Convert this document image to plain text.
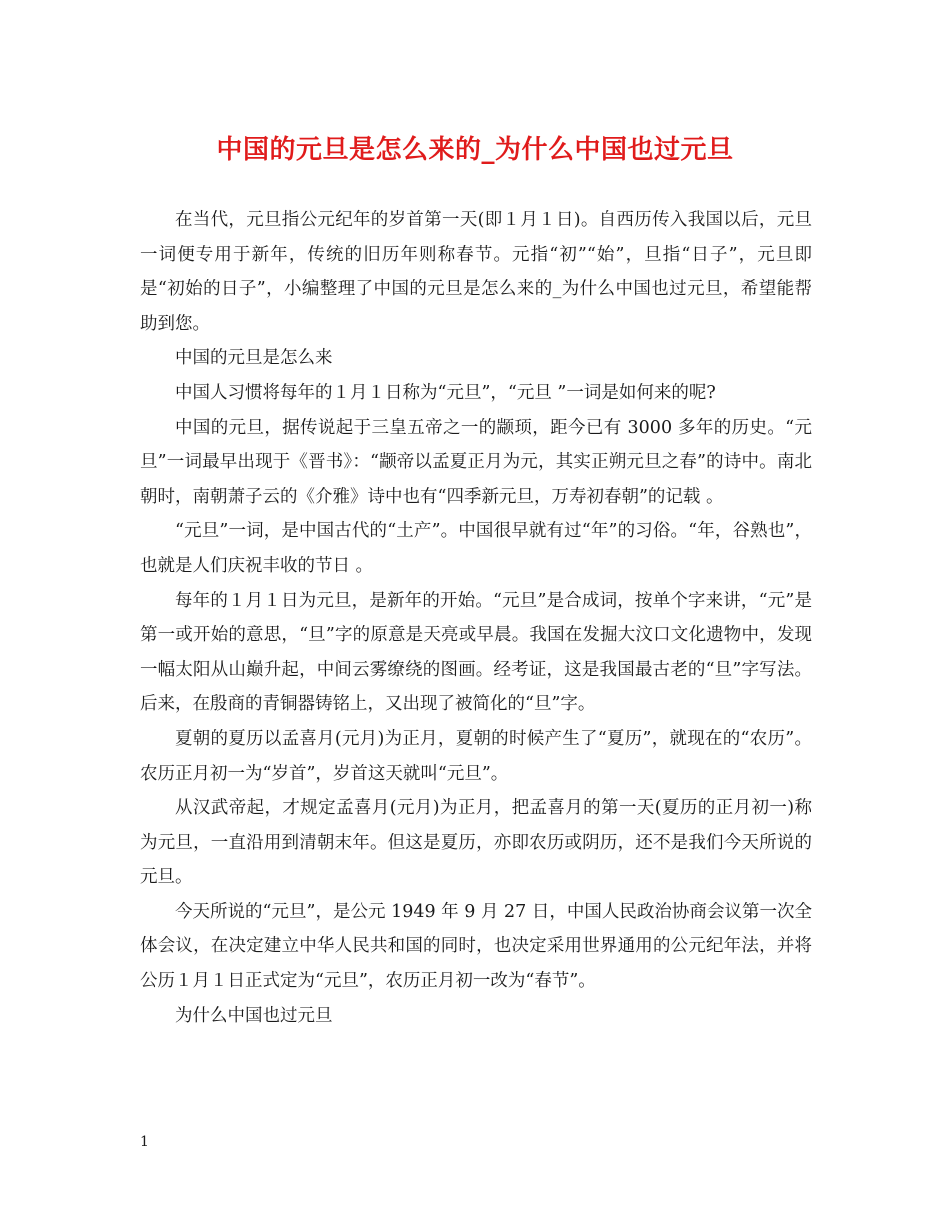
中国的元旦是怎么来的_为什么中国也过元旦

在当代，元旦指公元纪年的岁首第一天(即１月１日)。自西历传入我国以后，元旦一词便专用于新年，传统的旧历年则称春节。元指“初”“始”，旦指“日子”，元旦即是“初始的日子”，小编整理了中国的元旦是怎么来的_为什么中国也过元旦，希望能帮助到您。

中国的元旦是怎么来

中国人习惯将每年的１月１日称为“元旦”，“元旦 ”一词是如何来的呢?

中国的元旦，据传说起于三皇五帝之一的颛顼，距今已有 3000 多年的历史。“元旦”一词最早出现于《晋书》：“颛帝以孟夏正月为元，其实正朔元旦之春”的诗中。南北朝时，南朝萧子云的《介雅》诗中也有“四季新元旦，万寿初春朝”的记载 。

“元旦”一词，是中国古代的“土产”。中国很早就有过“年”的习俗。“年，谷熟也”，也就是人们庆祝丰收的节日 。

每年的１月１日为元旦，是新年的开始。“元旦”是合成词，按单个字来讲，“元”是第一或开始的意思，“旦”字的原意是天亮或早晨。我国在发掘大汶口文化遗物中，发现一幅太阳从山巅升起，中间云雾缭绕的图画。经考证，这是我国最古老的“旦”字写法。后来，在殷商的青铜器铸铭上，又出现了被简化的“旦”字。

夏朝的夏历以孟喜月(元月)为正月，夏朝的时候产生了“夏历”，就现在的“农历”。农历正月初一为“岁首”，岁首这天就叫“元旦”。

从汉武帝起，才规定孟喜月(元月)为正月，把孟喜月的第一天(夏历的正月初一)称为元旦，一直沿用到清朝末年。但这是夏历，亦即农历或阴历，还不是我们今天所说的元旦。

今天所说的“元旦”，是公元 1949 年 9 月 27 日，中国人民政治协商会议第一次全体会议，在决定建立中华人民共和国的同时，也决定采用世界通用的公元纪年法，并将公历１月１日正式定为“元旦”，农历正月初一改为“春节”。

为什么中国也过元旦

1
